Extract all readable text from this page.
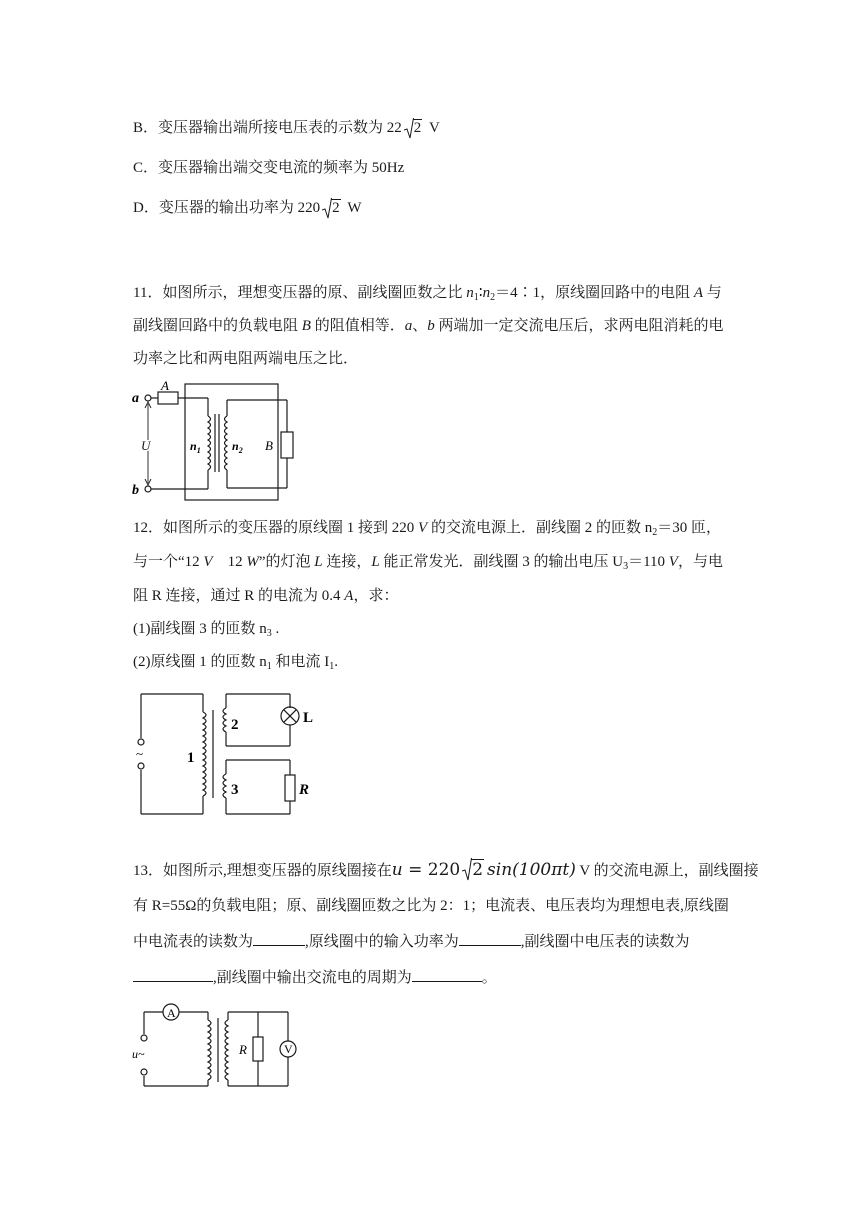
B．变压器输出端所接电压表的示数为 22 2 V
C．变压器输出端交变电流的频率为 50Hz
D．变压器的输出功率为 220 2 W
11．如图所示，理想变压器的原、副线圈匝数之比 $n_1∶n_2=4∶1$，原线圈回路中的电阻 A 与
副线圈回路中的负载电阻 B 的阻值相等．a、b 两端加一定交流电压后，求两电阻消耗的电
功率之比和两电阻两端电压之比．
a
b
A
U	$n_1$	$n_2$ B
12．如图所示的变压器的原线圈 1 接到 220 V 的交流电源上．副线圈 2 的匝数 $n_2=30$ 匝，
与一个“12 V　12 W”的灯泡 L 连接，L 能正常发光．副线圈 3 的输出电压 $U_3=110$ V，与电
阻 R 连接，通过 R 的电流为 0.4 A，求：
(1)副线圈 3 的匝数 $n_3$ .
(2)原线圈 1 的匝数 $n_1$ 和电流 $I_1$.
~	1
2
3
L
R
13．如图所示,理想变压器的原线圈接在u = 220 2 sin(100πt) V 的交流电源上，副线圈接
有 R=55Ω的负载电阻；原、副线圈匝数之比为 2：1；电流表、电压表均为理想电表,原线圈
中电流表的读数为	,原线圈中的输入功率为	,副线圈中电压表的读数为
,副线圈中输出交流电的周期为	。
A
u~	R	V
